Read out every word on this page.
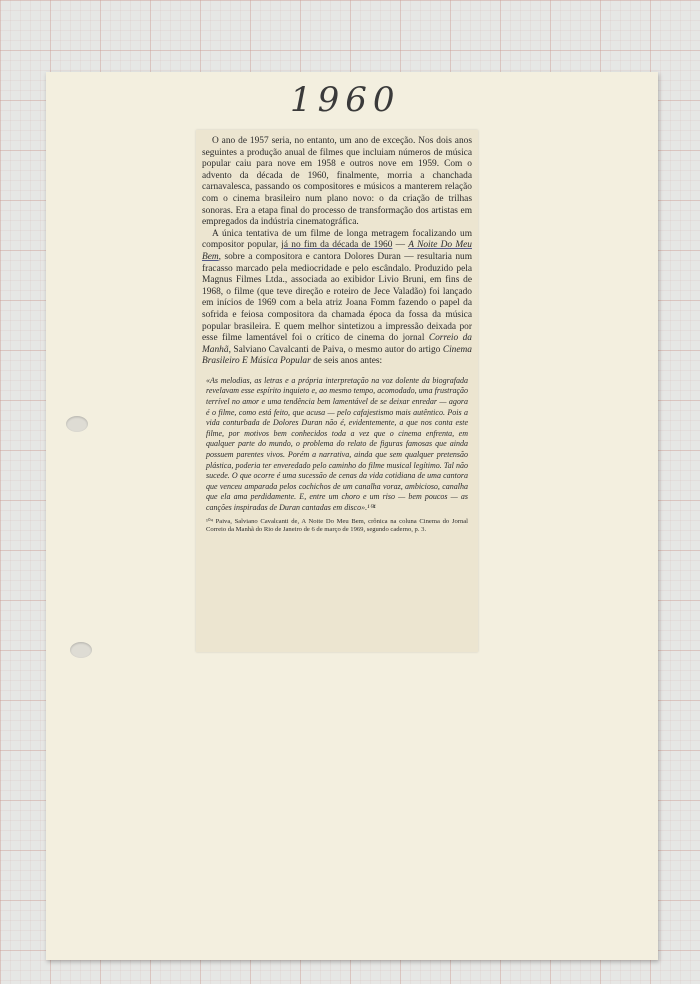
1960

O ano de 1957 seria, no entanto, um ano de exceção. Nos dois anos seguintes a produção anual de filmes que incluiam números de música popular caiu para nove em 1958 e outros nove em 1959. Com o advento da década de 1960, finalmente, morria a chanchada carnavalesca, passando os compositores e músicos a manterem relação com o cinema brasileiro num plano novo: o da criação de trilhas sonoras. Era a etapa final do processo de transformação dos artistas em empregados da indústria cinematográfica.

A única tentativa de um filme de longa metragem focalizando um compositor popular, já no fim da década de 1960 — A Noite Do Meu Bem, sobre a compositora e cantora Dolores Duran — resultaria num fracasso marcado pela mediocridade e pelo escândalo. Produzido pela Magnus Filmes Ltda., associada ao exibidor Livio Bruni, em fins de 1968, o filme (que teve direção e roteiro de Jece Valadão) foi lançado em inícios de 1969 com a bela atriz Joana Fomm fazendo o papel da sofrida e feiosa compositora da chamada época da fossa da música popular brasileira. E quem melhor sintetizou a impressão deixada por esse filme lamentável foi o crítico de cinema do jornal Correio da Manhã, Salviano Cavalcanti de Paiva, o mesmo autor do artigo Cinema Brasileiro E Música Popular de seis anos antes:

«As melodias, as letras e a própria interpretação na voz dolente da biografada revelavam esse espírito inquieto e, ao mesmo tempo, acomodado, uma frustração terrível no amor e uma tendência bem lamentável de se deixar enredar — agora é o filme, como está feito, que acusa — pelo cafajestismo mais autêntico. Pois a vida conturbada de Dolores Duran não é, evidentemente, a que nos conta este filme, por motivos bem conhecidos toda a vez que o cinema enfrenta, em qualquer parte do mundo, o problema do relato de figuras famosas que ainda possuem parentes vivos. Porém a narrativa, ainda que sem qualquer pretensão plástica, poderia ter enveredado pelo caminho do filme musical legítimo. Tal não sucede. O que ocorre é uma sucessão de cenas da vida cotidiana de uma cantora que venceu amparada pelos cochichos de um canalha voraz, ambicioso, canalha que ela ama perdidamente. E, entre um choro e um riso — bem poucos — as canções inspiradas de Duran cantadas em disco».¹⁰⁴
¹⁰⁴ Paiva, Salviano Cavalcanti de, A Noite Do Meu Bem, crônica na coluna Cinema do Jornal Correio da Manhã do Rio de Janeiro de 6 de março de 1969, segundo caderno, p. 3.
